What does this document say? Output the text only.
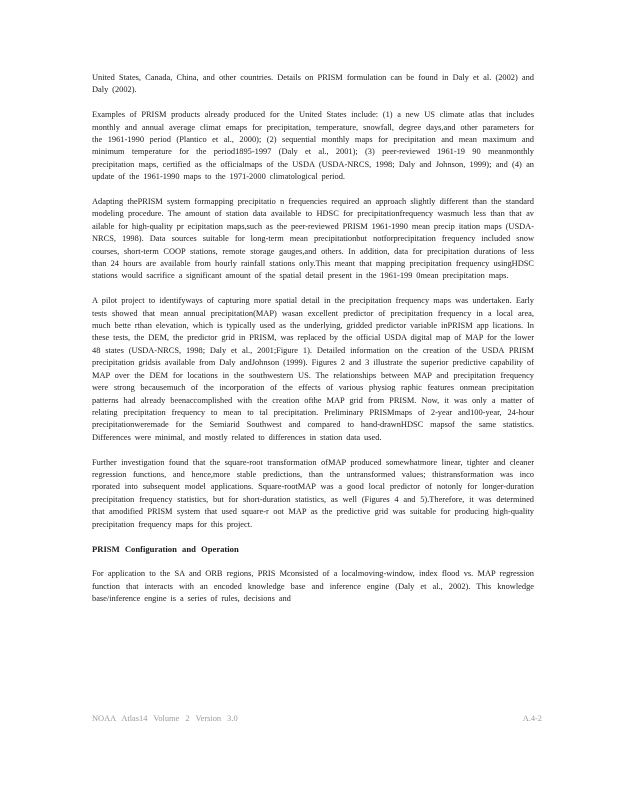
United States, Canada, China, and other countries. Details on PRISM formulation can be found in Daly et al. (2002) and Daly (2002).

Examples of PRISM products already produced for the United States include: (1) a new US climate atlas that includes monthly and annual average climat emaps for precipitation, temperature, snowfall, degree days,and other parameters for the 1961-1990 period (Plantico et al., 2000); (2) sequential monthly maps for precipitation and mean maximum and minimum temperature for the period1895-1997 (Daly et al., 2001); (3) peer-reviewed 1961-19 90 meanmonthly precipitation maps, certified as the officialmaps of the USDA (USDA-NRCS, 1998; Daly and Johnson, 1999); and (4) an update of the 1961-1990 maps to the 1971-2000 climatological period.

Adapting thePRISM system formapping precipitatio n frequencies required an approach slightly different than the standard modeling procedure. The amount of station data available to HDSC for precipitationfrequency wasmuch less than that av ailable for high-quality pr ecipitation maps,such as the peer-reviewed PRISM 1961-1990 mean precip itation maps (USDA-NRCS, 1998). Data sources suitable for long-term mean precipitationbut notforprecipitation frequency included snow courses, short-term COOP stations, remote storage gauges,and others. In addition, data for precipitation durations of less than 24 hours are available from hourly rainfall stations only.This meant that mapping precipitation frequency usingHDSC stations would sacrifice a significant amount of the spatial detail present in the 1961-199 0mean precipitation maps.

A pilot project to identifyways of capturing more spatial detail in the precipitation frequency maps was undertaken. Early tests showed that mean annual precipitation(MAP) wasan excellent predictor of precipitation frequency in a local area, much bette rthan elevation, which is typically used as the underlying, gridded predictor variable inPRISM app lications. In these tests, the DEM, the predictor grid in PRISM, was replaced by the official USDA digital map of MAP for the lower 48 states (USDA-NRCS, 1998; Daly et al., 2001;Figure 1). Detailed information on the creation of the USDA PRISM precipitation gridsis available from Daly andJohnson (1999). Figures 2 and 3 illustrate the superior predictive capability of MAP over the DEM for locations in the southwestern US. The relationships between MAP and precipitation frequency were strong becausemuch of the incorporation of the effects of various physiog raphic features onmean precipitation patterns had already beenaccomplished with the creation ofthe MAP grid from PRISM. Now, it was only a matter of relating precipitation frequency to mean to tal precipitation. Preliminary PRISMmaps of 2-year and100-year, 24-hour precipitationweremade for the Semiarid Southwest and compared to hand-drawnHDSC mapsof the same statistics. Differences were minimal, and mostly related to differences in station data used.

Further investigation found that the square-root transformation ofMAP produced somewhatmore linear, tighter and cleaner regression functions, and hence,more stable predictions, than the untransformed values; thistransformation was inco rporated into subsequent model applications. Square-rootMAP was a good local predictor of notonly for longer-duration precipitation frequency statistics, but for short-duration statistics, as well (Figures 4 and 5).Therefore, it was determined that amodified PRISM system that used square-r oot MAP as the predictive grid was suitable for producing high-quality precipitation frequency maps for this project.

PRISM Configuration and Operation

For application to the SA and ORB regions, PRIS Mconsisted of a localmoving-window, index flood vs. MAP regression function that interacts with an encoded knowledge base and inference engine (Daly et al., 2002). This knowledge base/inference engine is a series of rules, decisions and

NOAA Atlas14 Volume 2 Version 3.0	A.4-2
